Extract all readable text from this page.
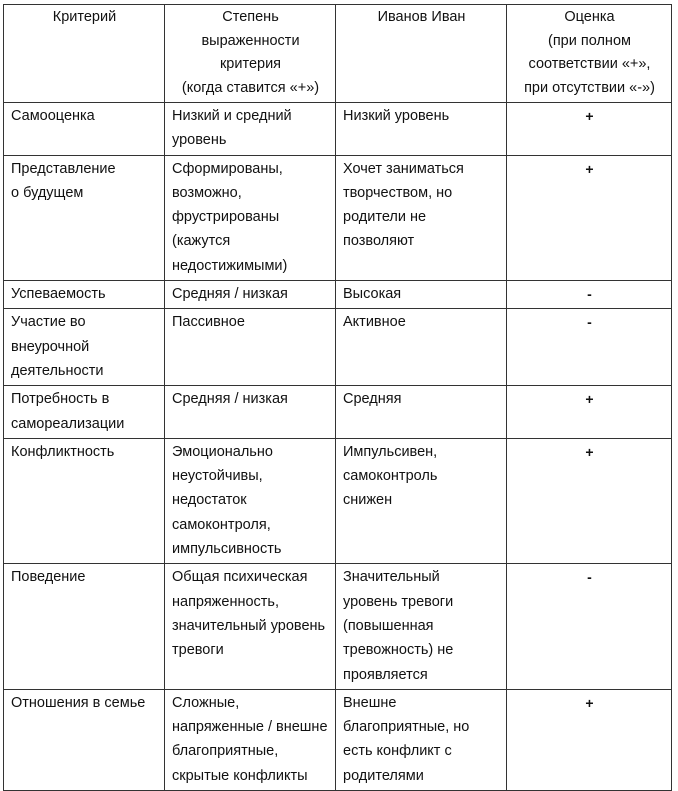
Критерий	Степень
выраженности
критерия
(когда ставится «+»)	Иванов Иван	Оценка
(при полном
соответствии «+»,
при отсутствии «-»)

Самооценка	Низкий и средний
уровень	Низкий уровень	+

Представление
о будущем	Сформированы,
возможно,
фрустрированы
(кажутся
недостижимыми)	Хочет заниматься
творчеством, но
родители не
позволяют	+

Успеваемость	Средняя / низкая	Высокая	-

Участие во
внеурочной
деятельности	Пассивное	Активное	-

Потребность в
самореализации	Средняя / низкая	Средняя	+

Конфликтность	Эмоционально
неустойчивы,
недостаток
самоконтроля,
импульсивность	Импульсивен,
самоконтроль
снижен	+

Поведение	Общая психическая
напряженность,
значительный уровень
тревоги	Значительный
уровень тревоги
(повышенная
тревожность) не
проявляется	-

Отношения в семье	Сложные,
напряженные / внешне
благоприятные,
скрытые конфликты	Внешне
благоприятные, но
есть конфликт с
родителями	+
